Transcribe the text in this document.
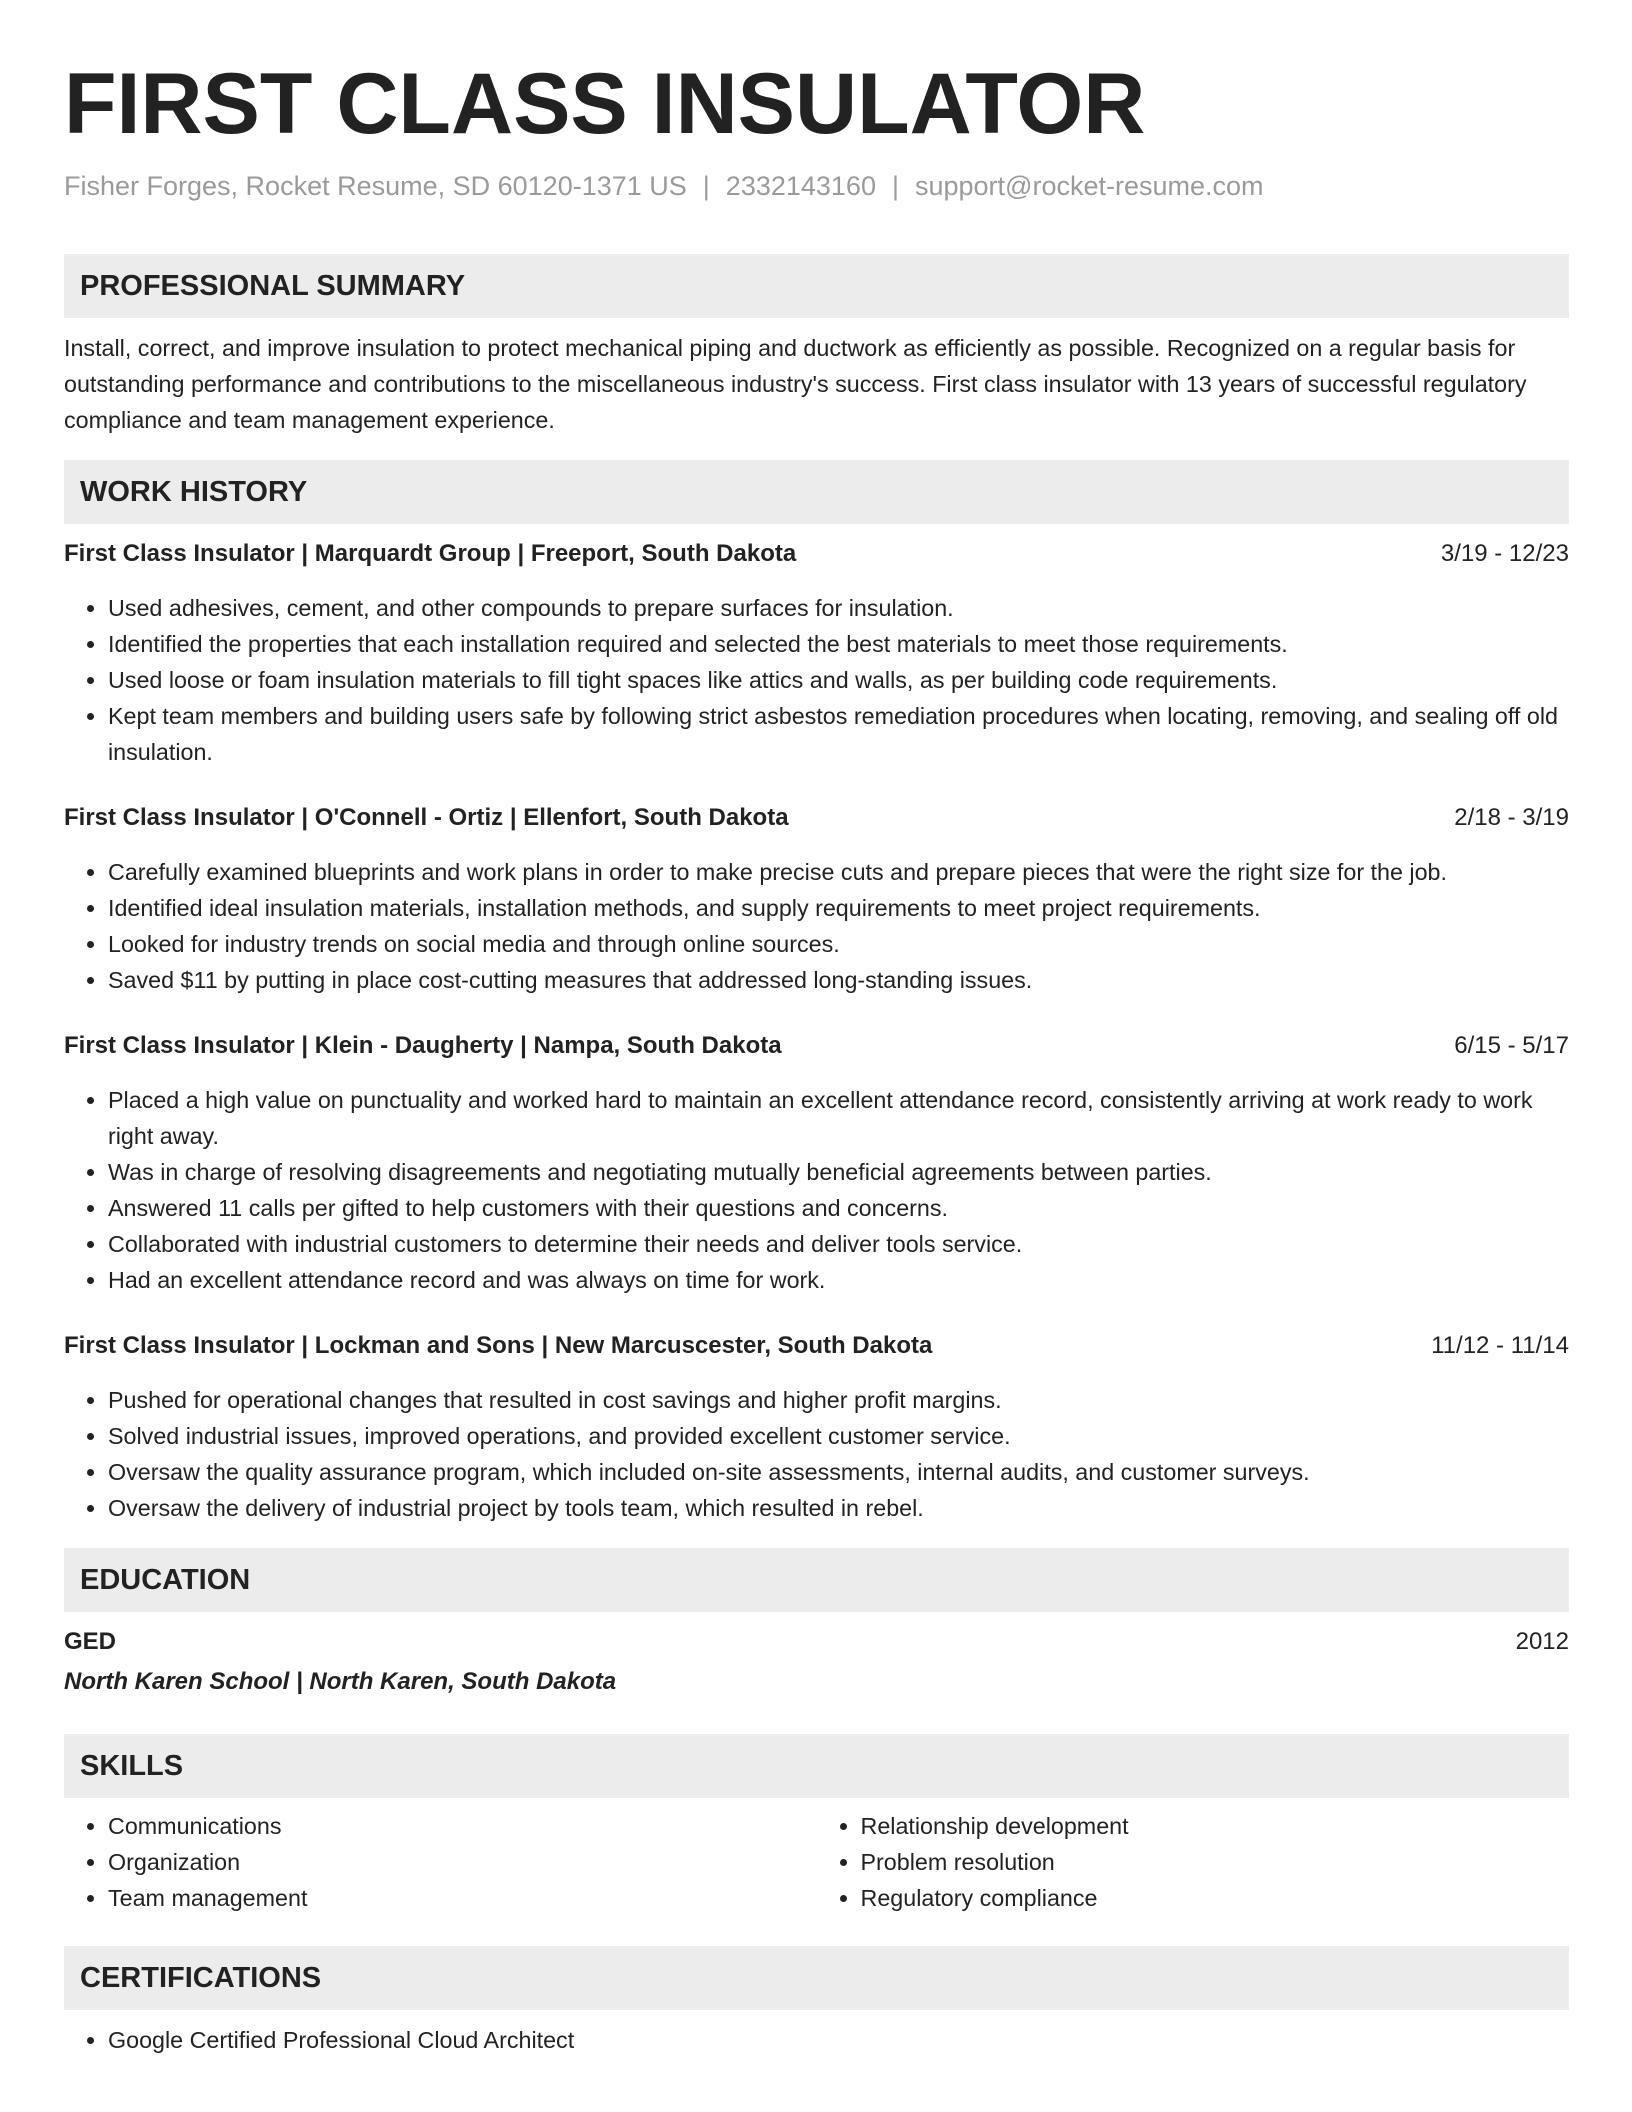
FIRST CLASS INSULATOR
Fisher Forges, Rocket Resume, SD 60120-1371 US | 2332143160 | support@rocket-resume.com
PROFESSIONAL SUMMARY

Install, correct, and improve insulation to protect mechanical piping and ductwork as efficiently as possible. Recognized on a regular basis for outstanding performance and contributions to the miscellaneous industry's success. First class insulator with 13 years of successful regulatory compliance and team management experience.

WORK HISTORY
First Class Insulator | Marquardt Group | Freeport, South Dakota	3/19 - 12/23
• Used adhesives, cement, and other compounds to prepare surfaces for insulation.
• Identified the properties that each installation required and selected the best materials to meet those requirements.
• Used loose or foam insulation materials to fill tight spaces like attics and walls, as per building code requirements.
• Kept team members and building users safe by following strict asbestos remediation procedures when locating, removing, and sealing off old insulation.
First Class Insulator | O'Connell - Ortiz | Ellenfort, South Dakota	2/18 - 3/19
• Carefully examined blueprints and work plans in order to make precise cuts and prepare pieces that were the right size for the job.
• Identified ideal insulation materials, installation methods, and supply requirements to meet project requirements.
• Looked for industry trends on social media and through online sources.
• Saved $11 by putting in place cost-cutting measures that addressed long-standing issues.
First Class Insulator | Klein - Daugherty | Nampa, South Dakota	6/15 - 5/17
• Placed a high value on punctuality and worked hard to maintain an excellent attendance record, consistently arriving at work ready to work right away.
• Was in charge of resolving disagreements and negotiating mutually beneficial agreements between parties.
• Answered 11 calls per gifted to help customers with their questions and concerns.
• Collaborated with industrial customers to determine their needs and deliver tools service.
• Had an excellent attendance record and was always on time for work.
First Class Insulator | Lockman and Sons | New Marcuscester, South Dakota	11/12 - 11/14
• Pushed for operational changes that resulted in cost savings and higher profit margins.
• Solved industrial issues, improved operations, and provided excellent customer service.
• Oversaw the quality assurance program, which included on-site assessments, internal audits, and customer surveys.
• Oversaw the delivery of industrial project by tools team, which resulted in rebel.
EDUCATION
GED	2012
North Karen School | North Karen, South Dakota
SKILLS
• Communications
• Organization
• Team management
• Relationship development
• Problem resolution
• Regulatory compliance
CERTIFICATIONS
• Google Certified Professional Cloud Architect
